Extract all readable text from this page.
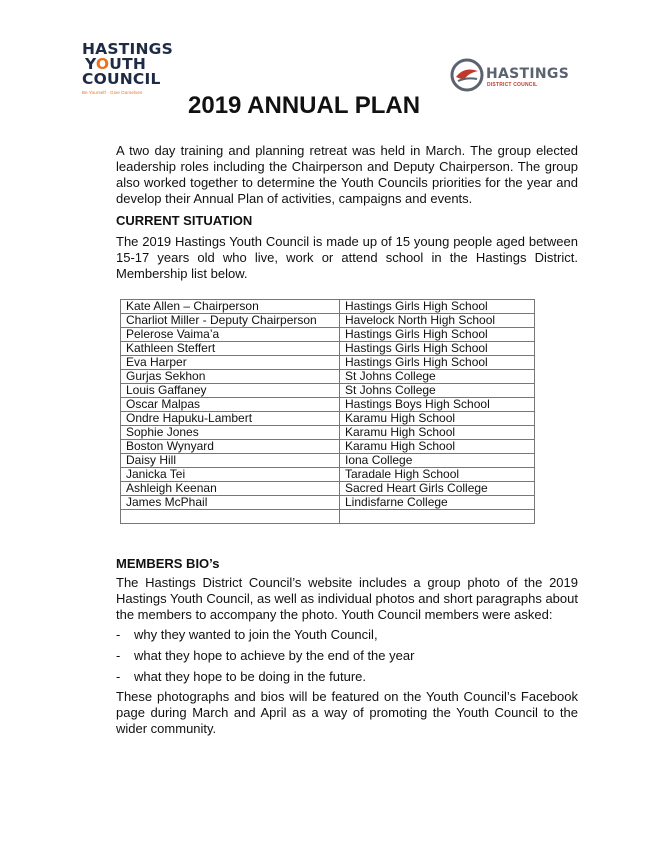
HASTINGS
YOUTH
COUNCIL
Be Yourself · Give Ourselves
HASTINGS
DISTRICT COUNCIL
2019 ANNUAL PLAN
A two day training and planning retreat was held in March. The group elected leadership roles including the Chairperson and Deputy Chairperson. The group also worked together to determine the Youth Councils priorities for the year and develop their Annual Plan of activities, campaigns and events.
CURRENT SITUATION
The 2019 Hastings Youth Council is made up of 15 young people aged between 15-17 years old who live, work or attend school in the Hastings District. Membership list below.
Kate Allen – Chairperson	Hastings Girls High School
Charliot Miller - Deputy Chairperson	Havelock North High School
Pelerose Vaima’a	Hastings Girls High School
Kathleen Steffert	Hastings Girls High School
Eva Harper	Hastings Girls High School
Gurjas Sekhon	St Johns College
Louis Gaffaney	St Johns College
Oscar Malpas	Hastings Boys High School
Ondre Hapuku-Lambert	Karamu High School
Sophie Jones	Karamu High School
Boston Wynyard	Karamu High School
Daisy Hill	Iona College
Janicka Tei	Taradale High School
Ashleigh Keenan	Sacred Heart Girls College
James McPhail	Lindisfarne College

MEMBERS BIO’s
The Hastings District Council’s website includes a group photo of the 2019 Hastings Youth Council, as well as individual photos and short paragraphs about the members to accompany the photo. Youth Council members were asked:
- why they wanted to join the Youth Council,
- what they hope to achieve by the end of the year
- what they hope to be doing in the future.
These photographs and bios will be featured on the Youth Council’s Facebook page during March and April as a way of promoting the Youth Council to the wider community.
